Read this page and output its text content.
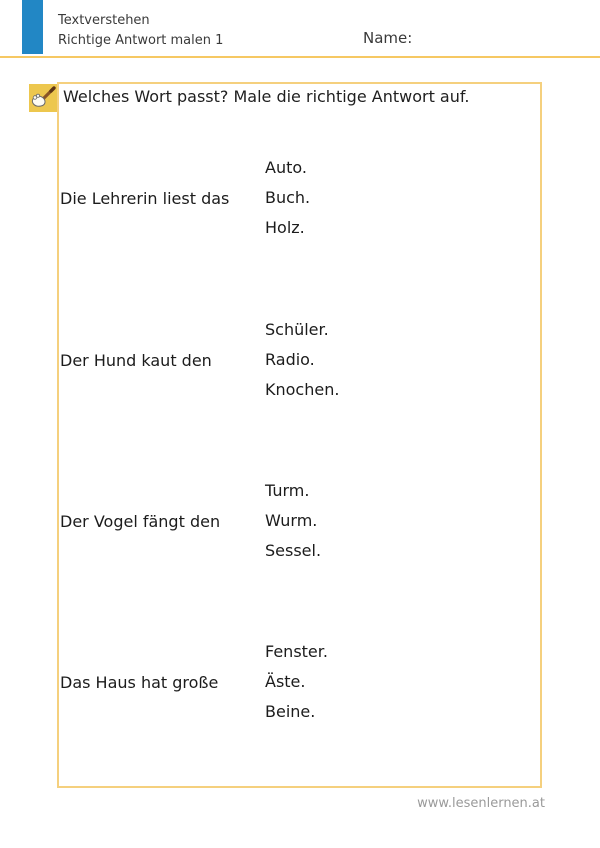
Textverstehen
Richtige Antwort malen 1	Name:
Welches Wort passt? Male die richtige Antwort auf.
Die Lehrerin liest das
Auto.
Buch.
Holz.
Der Hund kaut den
Schüler.
Radio.
Knochen.
Der Vogel fängt den
Turm.
Wurm.
Sessel.
Das Haus hat große
Fenster.
Äste.
Beine.
www.lesenlernen.at
